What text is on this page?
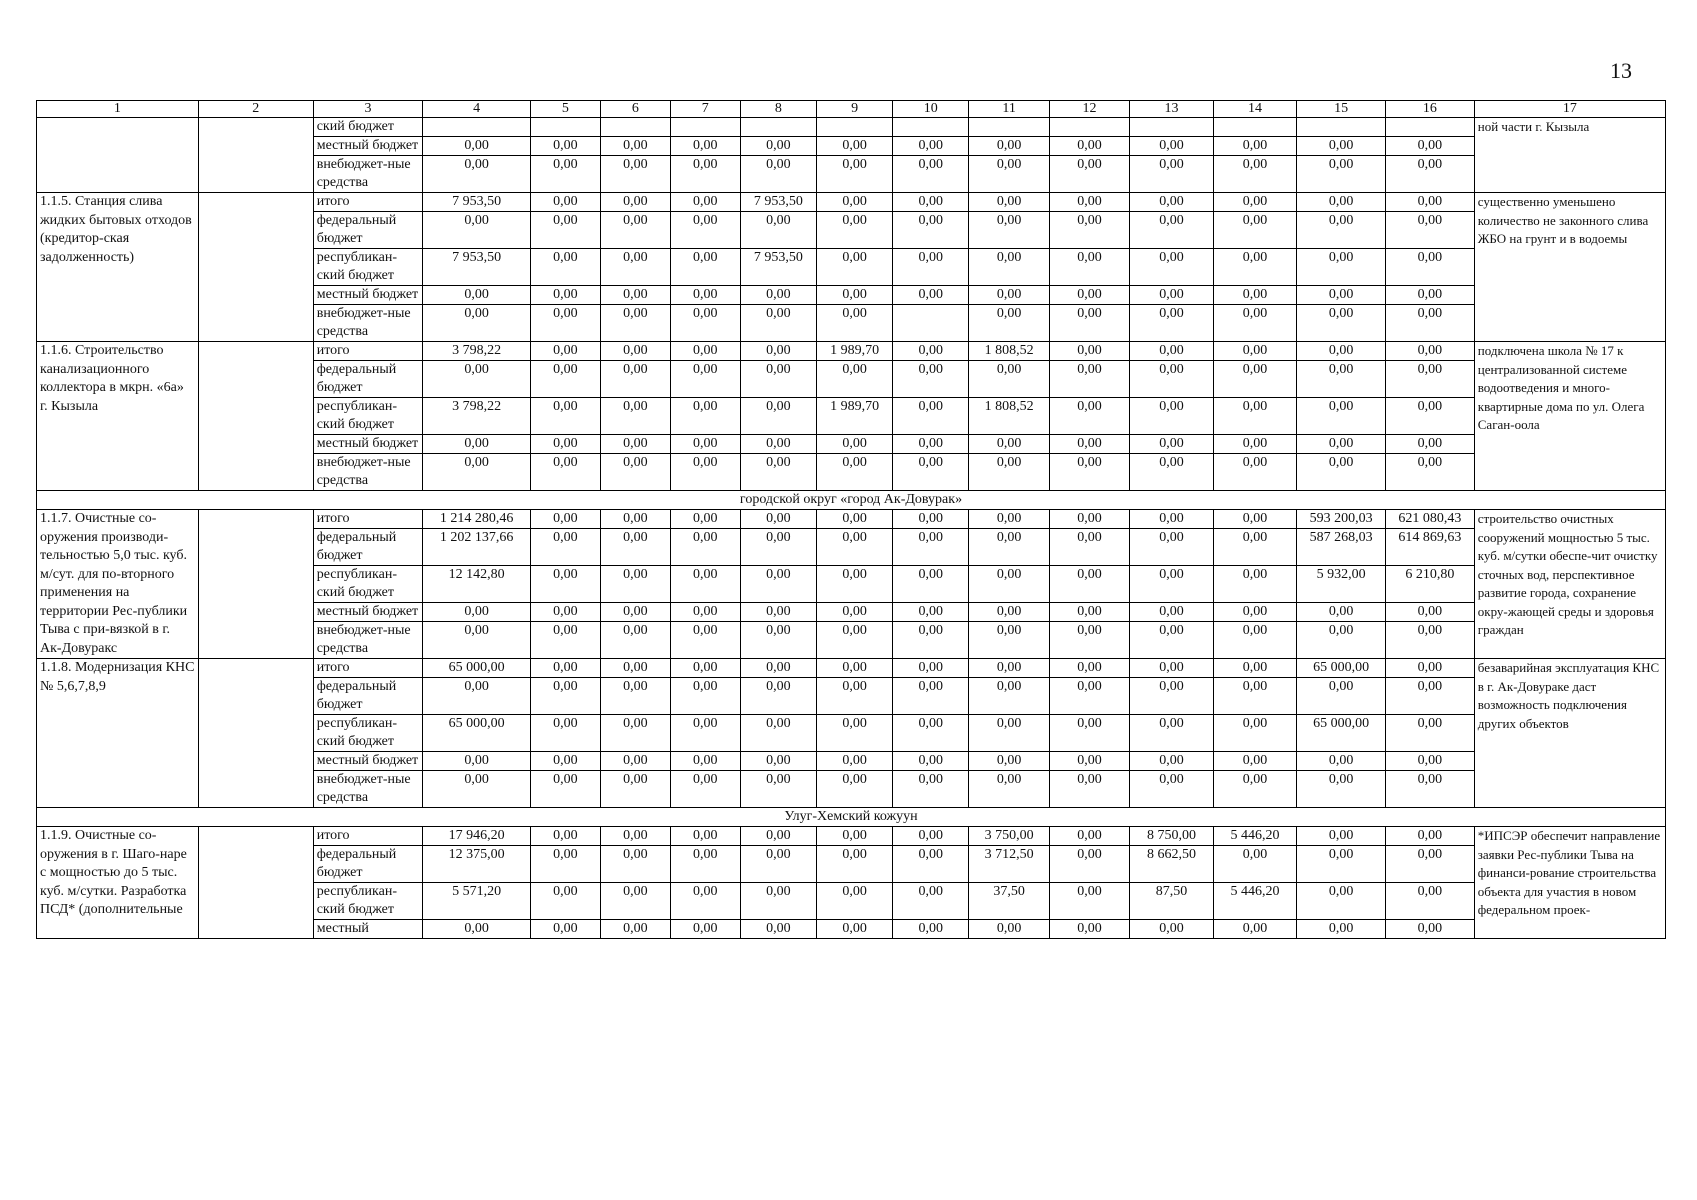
13
1	2	3	4	5	6	7	8	9	10	11	12	13	14	15	16	17
		ский бюджет														ной части г. Кызыла
		местный бюджет	0,00	0,00	0,00	0,00	0,00	0,00	0,00	0,00	0,00	0,00	0,00	0,00	0,00	
		внебюджет-ные средства	0,00	0,00	0,00	0,00	0,00	0,00	0,00	0,00	0,00	0,00	0,00	0,00	0,00	
1.1.5. Станция слива жидких бытовых отходов (кредитор-ская задолженность)		итого	7 953,50	0,00	0,00	0,00	7 953,50	0,00	0,00	0,00	0,00	0,00	0,00	0,00	0,00	существенно уменьшено количество не законного слива ЖБО на грунт и в водоемы
		федеральный бюджет	0,00	0,00	0,00	0,00	0,00	0,00	0,00	0,00	0,00	0,00	0,00	0,00	0,00	
		республикан-ский бюджет	7 953,50	0,00	0,00	0,00	7 953,50	0,00	0,00	0,00	0,00	0,00	0,00	0,00	0,00	
		местный бюджет	0,00	0,00	0,00	0,00	0,00	0,00	0,00	0,00	0,00	0,00	0,00	0,00	0,00	
		внебюджет-ные средства	0,00	0,00	0,00	0,00	0,00	0,00		0,00	0,00	0,00	0,00	0,00	0,00	
1.1.6. Строительство канализационного коллектора в мкрн. «6а» г. Кызыла		итого	3 798,22	0,00	0,00	0,00	0,00	1 989,70	0,00	1 808,52	0,00	0,00	0,00	0,00	0,00	подключена школа № 17 к централизованной системе водоотведения и много-квартирные дома по ул. Олега Саган-оола
		федеральный бюджет	0,00	0,00	0,00	0,00	0,00	0,00	0,00	0,00	0,00	0,00	0,00	0,00	0,00	
		республикан-ский бюджет	3 798,22	0,00	0,00	0,00	0,00	1 989,70	0,00	1 808,52	0,00	0,00	0,00	0,00	0,00	
		местный бюджет	0,00	0,00	0,00	0,00	0,00	0,00	0,00	0,00	0,00	0,00	0,00	0,00	0,00	
		внебюджет-ные средства	0,00	0,00	0,00	0,00	0,00	0,00	0,00	0,00	0,00	0,00	0,00	0,00	0,00	
городской округ «город Ак-Довурак»																
1.1.7. Очистные со-оружения производи-тельностью 5,0 тыс. куб. м/сут. для по-вторного применения на территории Рес-публики Тыва с при-вязкой в г. Ак-Довуракс		итого	1 214 280,46	0,00	0,00	0,00	0,00	0,00	0,00	0,00	0,00	0,00	0,00	593 200,03	621 080,43	строительство очистных сооружений мощностью 5 тыс. куб. м/сутки обеспе-чит очистку сточных вод, перспективное развитие города, сохранение окру-жающей среды и здоровья граждан
		федеральный бюджет	1 202 137,66	0,00	0,00	0,00	0,00	0,00	0,00	0,00	0,00	0,00	0,00	587 268,03	614 869,63	
		республикан-ский бюджет	12 142,80	0,00	0,00	0,00	0,00	0,00	0,00	0,00	0,00	0,00	0,00	5 932,00	6 210,80	
		местный бюджет	0,00	0,00	0,00	0,00	0,00	0,00	0,00	0,00	0,00	0,00	0,00	0,00	0,00	
		внебюджет-ные средства	0,00	0,00	0,00	0,00	0,00	0,00	0,00	0,00	0,00	0,00	0,00	0,00	0,00	
1.1.8. Модернизация КНС № 5,6,7,8,9		итого	65 000,00	0,00	0,00	0,00	0,00	0,00	0,00	0,00	0,00	0,00	0,00	65 000,00	0,00	безаварийная эксплуатация КНС в г. Ак-Довураке даст возможность подключения других объектов
		федеральный бюджет	0,00	0,00	0,00	0,00	0,00	0,00	0,00	0,00	0,00	0,00	0,00	0,00	0,00	
		республикан-ский бюджет	65 000,00	0,00	0,00	0,00	0,00	0,00	0,00	0,00	0,00	0,00	0,00	65 000,00	0,00	
		местный бюджет	0,00	0,00	0,00	0,00	0,00	0,00	0,00	0,00	0,00	0,00	0,00	0,00	0,00	
		внебюджет-ные средства	0,00	0,00	0,00	0,00	0,00	0,00	0,00	0,00	0,00	0,00	0,00	0,00	0,00	
Улуг-Хемский кожуун																
1.1.9. Очистные со-оружения в г. Шаго-наре с мощностью до 5 тыс. куб. м/сутки. Разработка ПСД* (дополнительные		итого	17 946,20	0,00	0,00	0,00	0,00	0,00	0,00	3 750,00	0,00	8 750,00	5 446,20	0,00	0,00	*ИПСЭР обеспечит направление заявки Рес-публики Тыва на финанси-рование строительства объекта для участия в новом федеральном проек-
		федеральный бюджет	12 375,00	0,00	0,00	0,00	0,00	0,00	0,00	3 712,50	0,00	8 662,50	0,00	0,00	0,00	
		республикан-ский бюджет	5 571,20	0,00	0,00	0,00	0,00	0,00	0,00	37,50	0,00	87,50	5 446,20	0,00	0,00	
		местный	0,00	0,00	0,00	0,00	0,00	0,00	0,00	0,00	0,00	0,00	0,00	0,00	0,00	
